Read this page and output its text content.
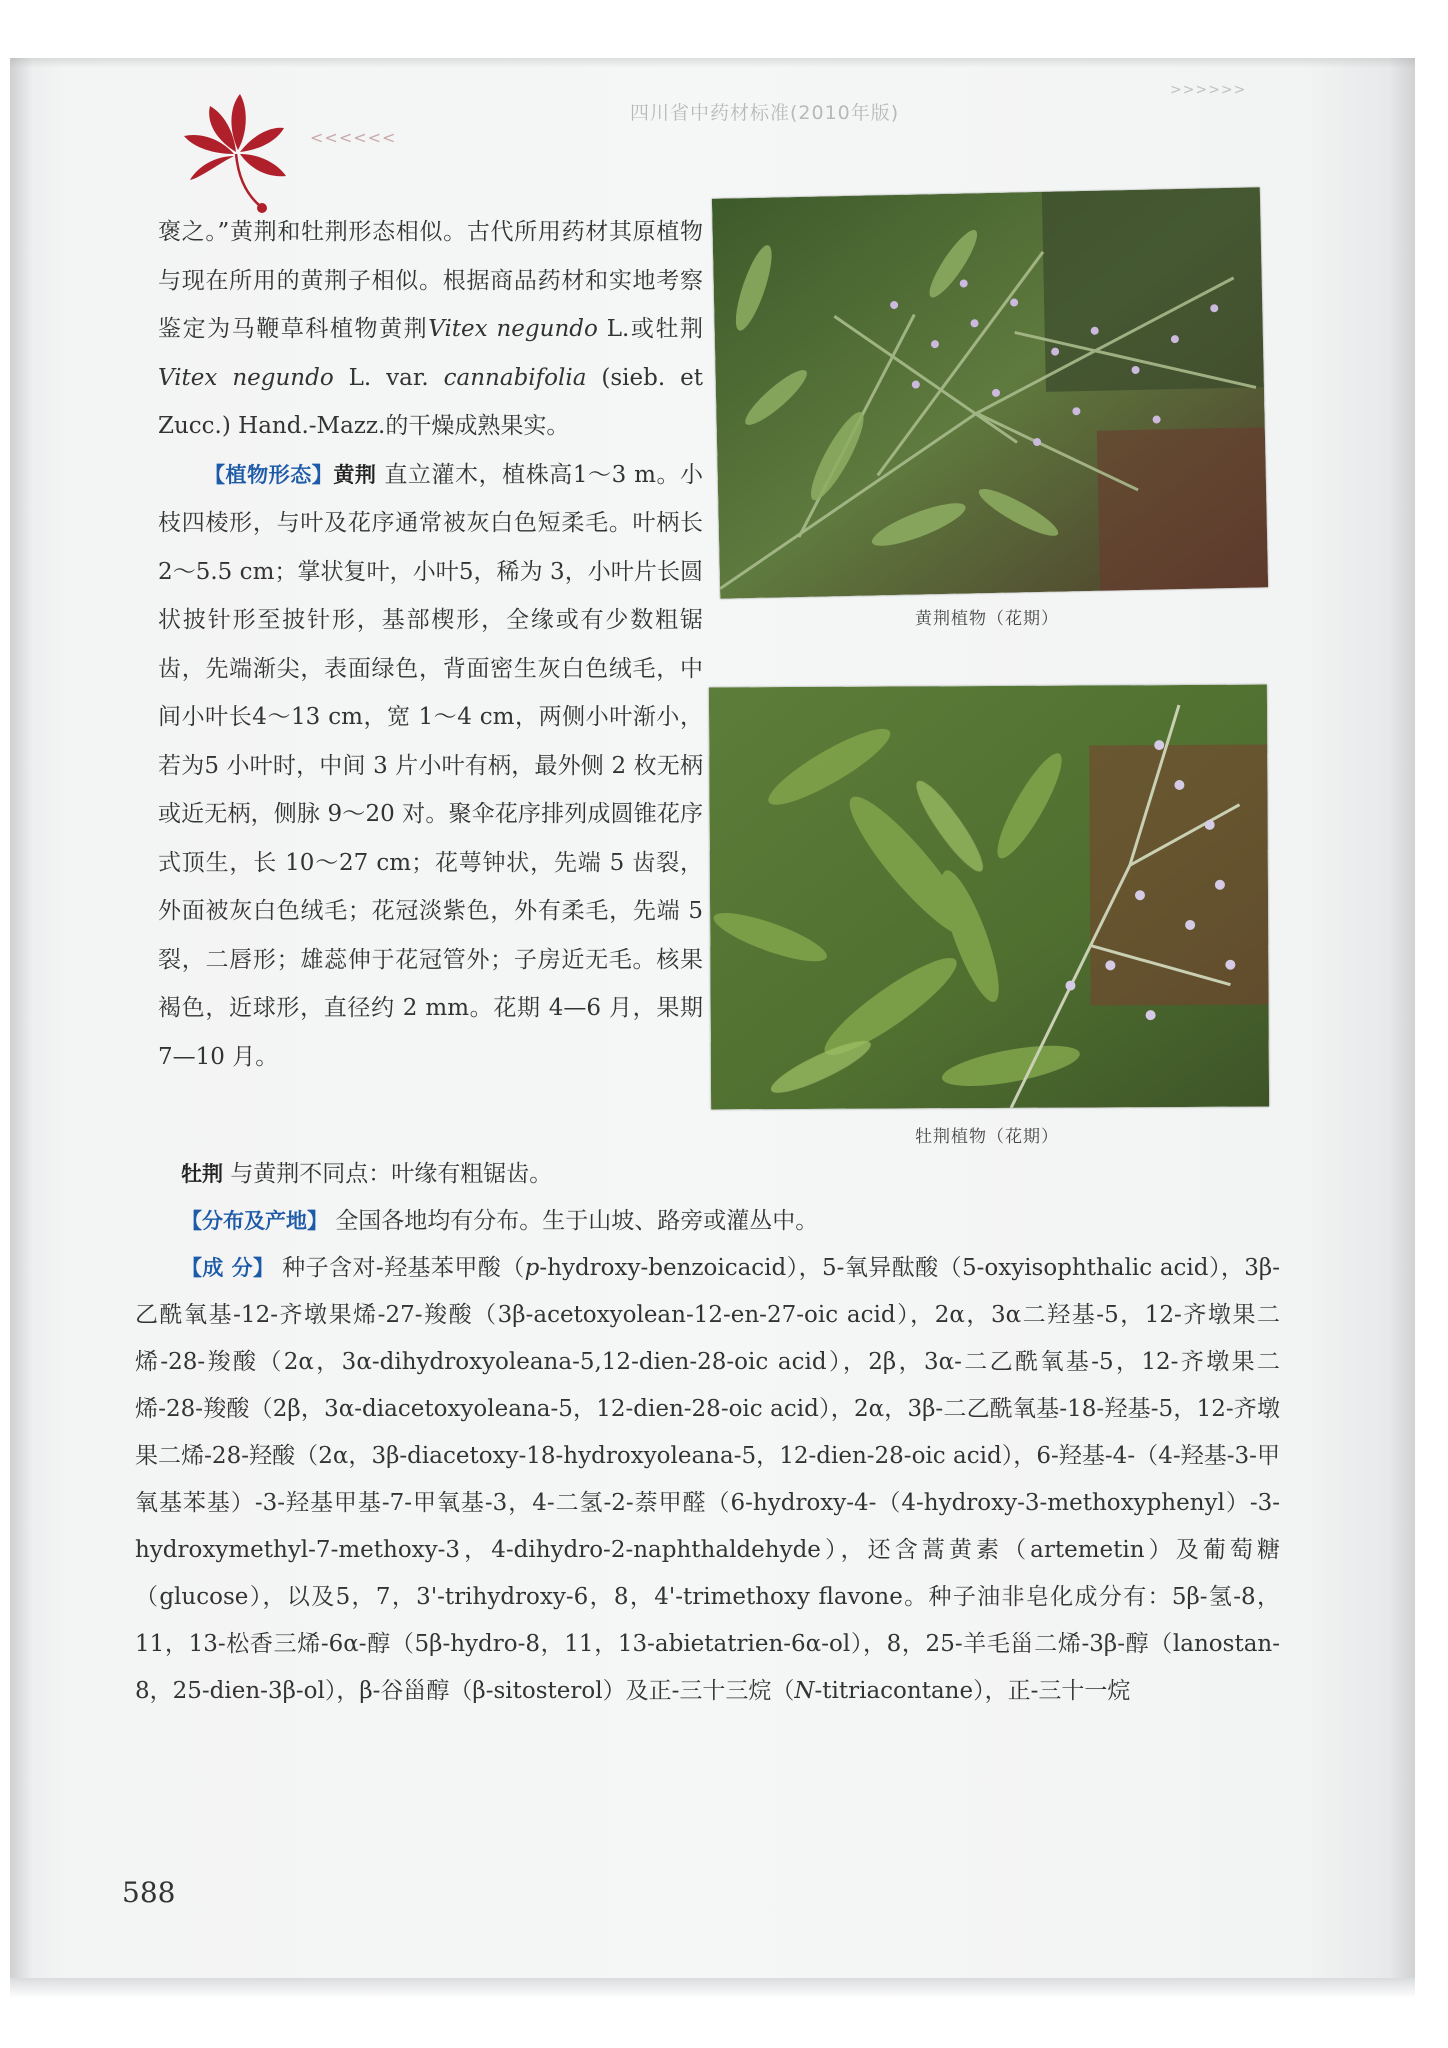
<<<<<<
四川省中药材标准(2010年版)
>>>>>>

褒之。”黄荆和牡荆形态相似。古代所用药材其原植物与现在所用的黄荆子相似。根据商品药材和实地考察鉴定为马鞭草科植物黄荆Vitex negundo L.或牡荆Vitex negundo L. var. cannabifolia (sieb. et Zucc.) Hand.-Mazz.的干燥成熟果实。

【植物形态】黄荆 直立灌木，植株高1～3 m。小枝四棱形，与叶及花序通常被灰白色短柔毛。叶柄长 2～5.5 cm；掌状复叶，小叶5，稀为 3，小叶片长圆状披针形至披针形，基部楔形，全缘或有少数粗锯齿，先端渐尖，表面绿色，背面密生灰白色绒毛，中间小叶长4～13 cm，宽 1～4 cm，两侧小叶渐小，若为5 小叶时，中间 3 片小叶有柄，最外侧 2 枚无柄或近无柄，侧脉 9～20 对。聚伞花序排列成圆锥花序式顶生，长 10～27 cm；花萼钟状，先端 5 齿裂，外面被灰白色绒毛；花冠淡紫色，外有柔毛，先端 5 裂，二唇形；雄蕊伸于花冠管外；子房近无毛。核果褐色，近球形，直径约 2 mm。花期 4—6 月，果期 7—10 月。

黄荆植物（花期）
牡荆植物（花期）

牡荆 与黄荆不同点：叶缘有粗锯齿。

【分布及产地】 全国各地均有分布。生于山坡、路旁或灌丛中。

【成 分】 种子含对-羟基苯甲酸（p-hydroxy-benzoicacid），5-氧异酞酸（5-oxyisophthalic acid），3β-乙酰氧基-12-齐墩果烯-27-羧酸（3β-acetoxyolean-12-en-27-oic acid），2α，3α二羟基-5，12-齐墩果二烯-28-羧酸（2α，3α-dihydroxyoleana-5,12-dien-28-oic acid），2β，3α-二乙酰氧基-5，12-齐墩果二烯-28-羧酸（2β，3α-diacetoxyoleana-5，12-dien-28-oic acid），2α，3β-二乙酰氧基-18-羟基-5，12-齐墩果二烯-28-羟酸（2α，3β-diacetoxy-18-hydroxyoleana-5，12-dien-28-oic acid），6-羟基-4-（4-羟基-3-甲氧基苯基）-3-羟基甲基-7-甲氧基-3，4-二氢-2-萘甲醛（6-hydroxy-4-（4-hydroxy-3-methoxyphenyl）-3-hydroxymethyl-7-methoxy-3，4-dihydro-2-naphthaldehyde），还含蒿黄素（artemetin）及葡萄糖（glucose），以及5，7，3'-trihydroxy-6，8，4'-trimethoxy flavone。种子油非皂化成分有：5β-氢-8，11，13-松香三烯-6α-醇（5β-hydro-8，11，13-abietatrien-6α-ol），8，25-羊毛甾二烯-3β-醇（lanostan-8，25-dien-3β-ol），β-谷甾醇（β-sitosterol）及正-三十三烷（N-titriacontane），正-三十一烷

588
